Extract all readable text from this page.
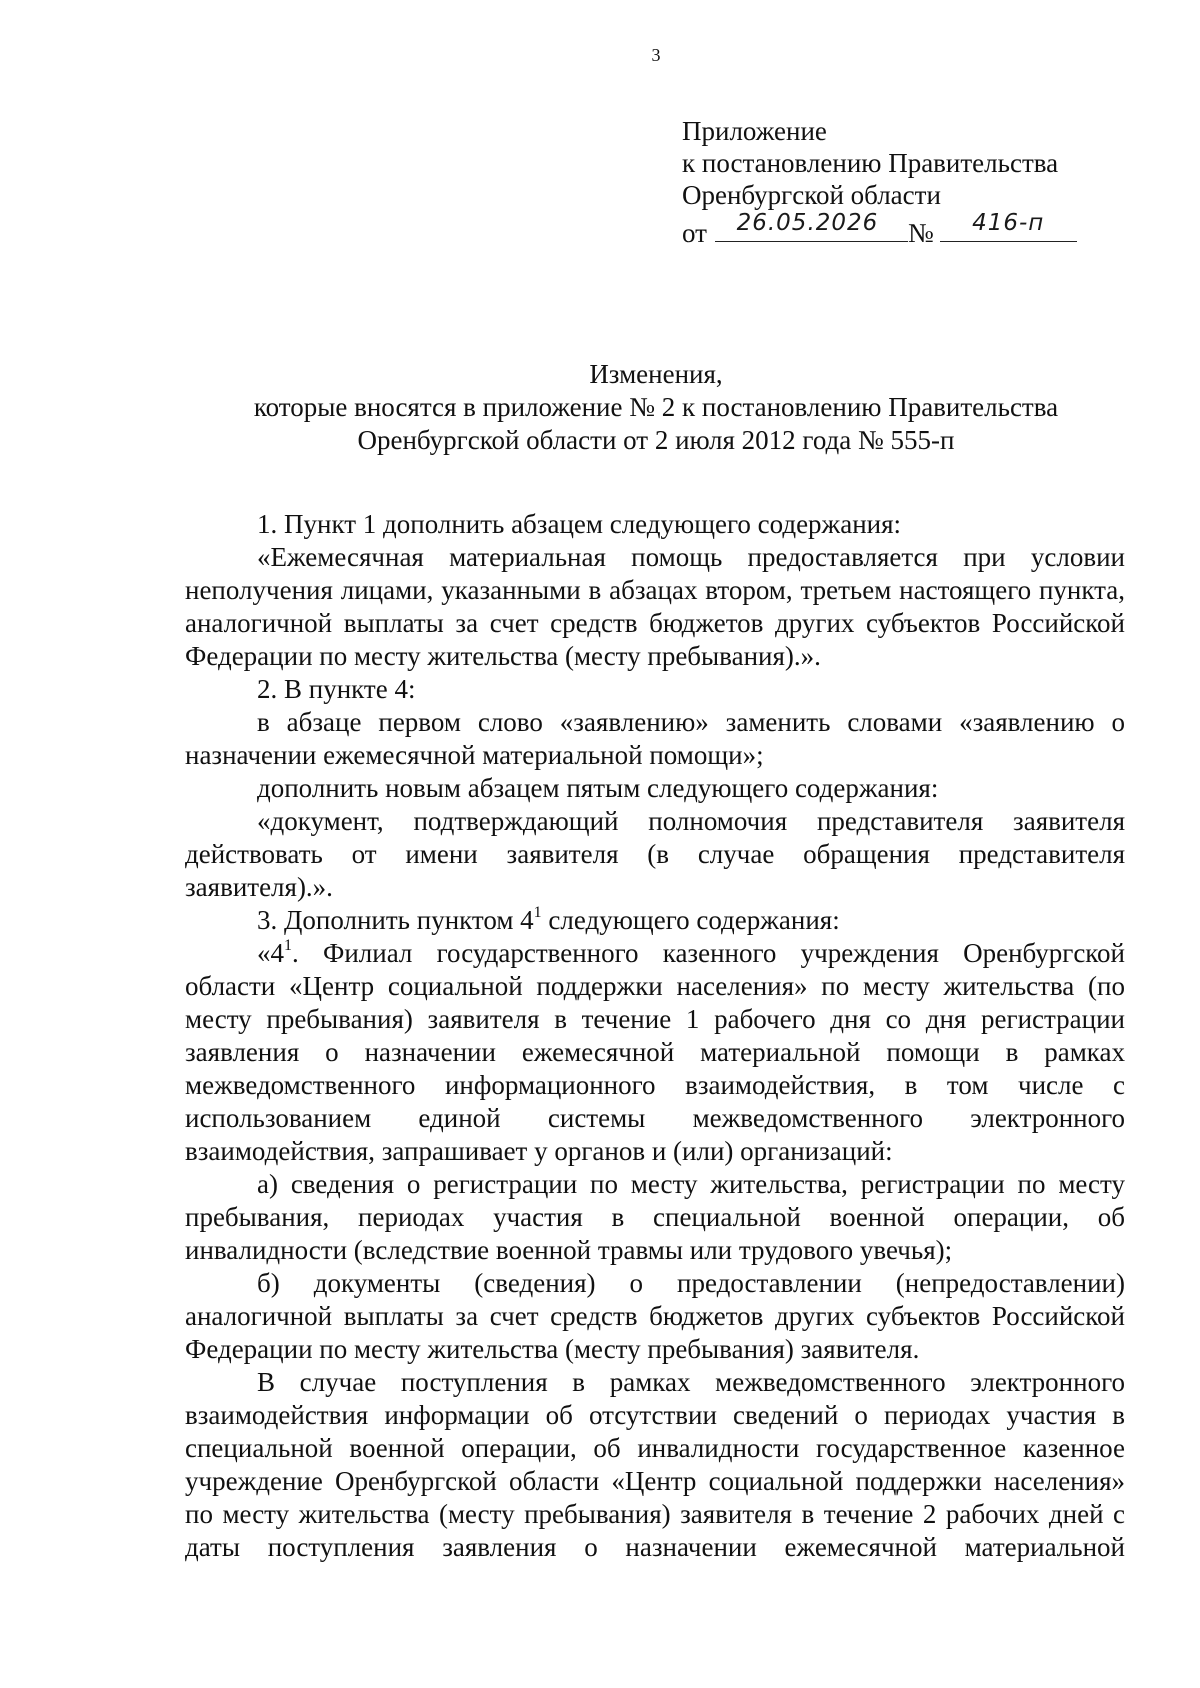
3
Приложение
к постановлению Правительства
Оренбургской области
от	26.05.2026	№	416-п
Изменения,
которые вносятся в приложение № 2 к постановлению Правительства
Оренбургской области от 2 июля 2012 года № 555-п

1. Пункт 1 дополнить абзацем следующего содержания:

«Ежемесячная материальная помощь предоставляется при условии неполучения лицами, указанными в абзацах втором, третьем настоящего пункта, аналогичной выплаты за счет средств бюджетов других субъектов Российской Федерации по месту жительства (месту пребывания).».

2. В пункте 4:

в абзаце первом слово «заявлению» заменить словами «заявлению о назначении ежемесячной материальной помощи»;

дополнить новым абзацем пятым следующего содержания:

«документ, подтверждающий полномочия представителя заявителя действовать от имени заявителя (в случае обращения представителя заявителя).».

3. Дополнить пунктом $4^1$ следующего содержания:

«$4^1$. Филиал государственного казенного учреждения Оренбургской области «Центр социальной поддержки населения» по месту жительства (по месту пребывания) заявителя в течение 1 рабочего дня со дня регистрации заявления о назначении ежемесячной материальной помощи в рамках межведомственного информационного взаимодействия, в том числе с использованием единой системы межведомственного электронного взаимодействия, запрашивает у органов и (или) организаций:

а) сведения о регистрации по месту жительства, регистрации по месту пребывания, периодах участия в специальной военной операции, об инвалидности (вследствие военной травмы или трудового увечья);

б) документы (сведения) о предоставлении (непредоставлении) аналогичной выплаты за счет средств бюджетов других субъектов Российской Федерации по месту жительства (месту пребывания) заявителя.

В случае поступления в рамках межведомственного электронного взаимодействия информации об отсутствии сведений о периодах участия в специальной военной операции, об инвалидности государственное казенное учреждение Оренбургской области «Центр социальной поддержки населения» по месту жительства (месту пребывания) заявителя в течение 2 рабочих дней с даты поступления заявления о назначении ежемесячной материальной
